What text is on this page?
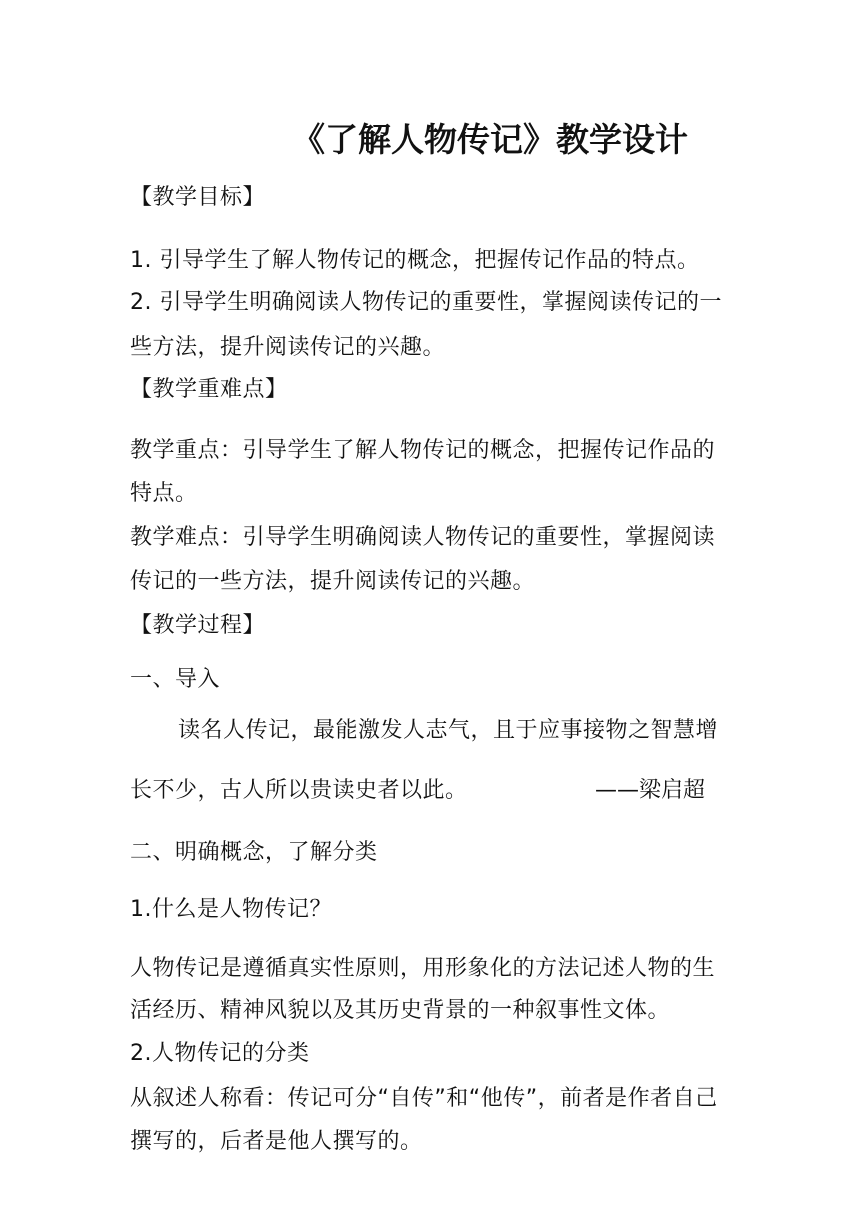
《了解人物传记》教学设计
【教学目标】
1. 引导学生了解人物传记的概念，把握传记作品的特点。
2. 引导学生明确阅读人物传记的重要性，掌握阅读传记的一
些方法，提升阅读传记的兴趣。
【教学重难点】
教学重点：引导学生了解人物传记的概念，把握传记作品的
特点。
教学难点：引导学生明确阅读人物传记的重要性，掌握阅读
传记的一些方法，提升阅读传记的兴趣。
【教学过程】
一、导入
读名人传记，最能激发人志气，且于应事接物之智慧增
长不少，古人所以贵读史者以此。	——梁启超
二、明确概念，了解分类
1.什么是人物传记？
人物传记是遵循真实性原则，用形象化的方法记述人物的生
活经历、精神风貌以及其历史背景的一种叙事性文体。
2.人物传记的分类
从叙述人称看：传记可分“自传”和“他传”，前者是作者自己
撰写的，后者是他人撰写的。
